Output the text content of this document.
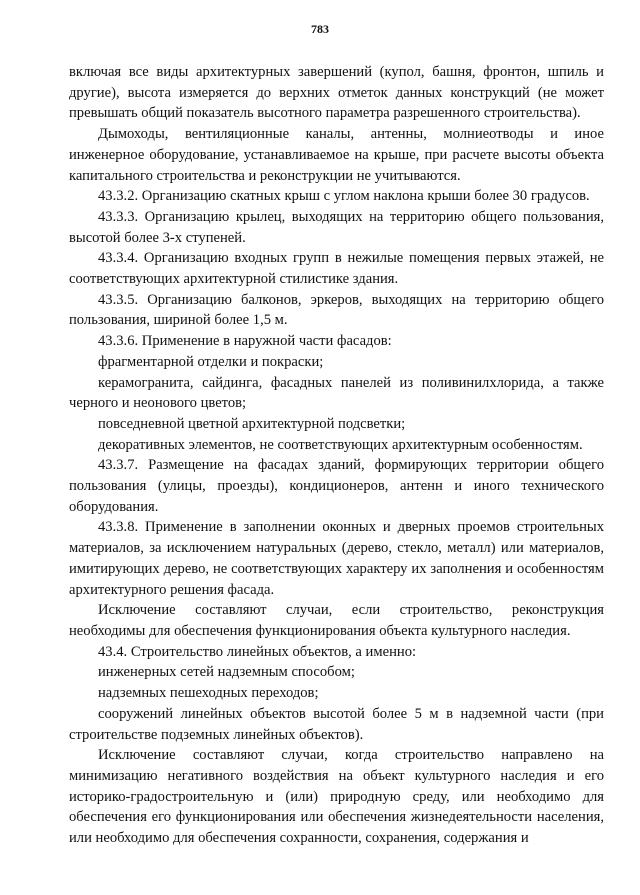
783

включая все виды архитектурных завершений (купол, башня, фронтон, шпиль и другие), высота измеряется до верхних отметок данных конструкций (не может превышать общий показатель высотного параметра разрешенного строительства).

Дымоходы, вентиляционные каналы, антенны, молниеотводы и иное инженерное оборудование, устанавливаемое на крыше, при расчете высоты объекта капитального строительства и реконструкции не учитываются.

43.3.2. Организацию скатных крыш с углом наклона крыши более 30 градусов.

43.3.3. Организацию крылец, выходящих на территорию общего пользования, высотой более 3-х ступеней.

43.3.4. Организацию входных групп в нежилые помещения первых этажей, не соответствующих архитектурной стилистике здания.

43.3.5. Организацию балконов, эркеров, выходящих на территорию общего пользования, шириной более 1,5 м.

43.3.6. Применение в наружной части фасадов:

фрагментарной отделки и покраски;

керамогранита, сайдинга, фасадных панелей из поливинилхлорида, а также черного и неонового цветов;

повседневной цветной архитектурной подсветки;

декоративных элементов, не соответствующих архитектурным особенностям.

43.3.7. Размещение на фасадах зданий, формирующих территории общего пользования (улицы, проезды), кондиционеров, антенн и иного технического оборудования.

43.3.8. Применение в заполнении оконных и дверных проемов строительных материалов, за исключением натуральных (дерево, стекло, металл) или материалов, имитирующих дерево, не соответствующих характеру их заполнения и особенностям архитектурного решения фасада.

Исключение составляют случаи, если строительство, реконструкция необходимы для обеспечения функционирования объекта культурного наследия.

43.4. Строительство линейных объектов, а именно:

инженерных сетей надземным способом;

надземных пешеходных переходов;

сооружений линейных объектов высотой более 5 м в надземной части (при строительстве подземных линейных объектов).

Исключение составляют случаи, когда строительство направлено на минимизацию негативного воздействия на объект культурного наследия и его историко-градостроительную и (или) природную среду, или необходимо для обеспечения его функционирования или обеспечения жизнедеятельности населения, или необходимо для обеспечения сохранности, сохранения, содержания и
